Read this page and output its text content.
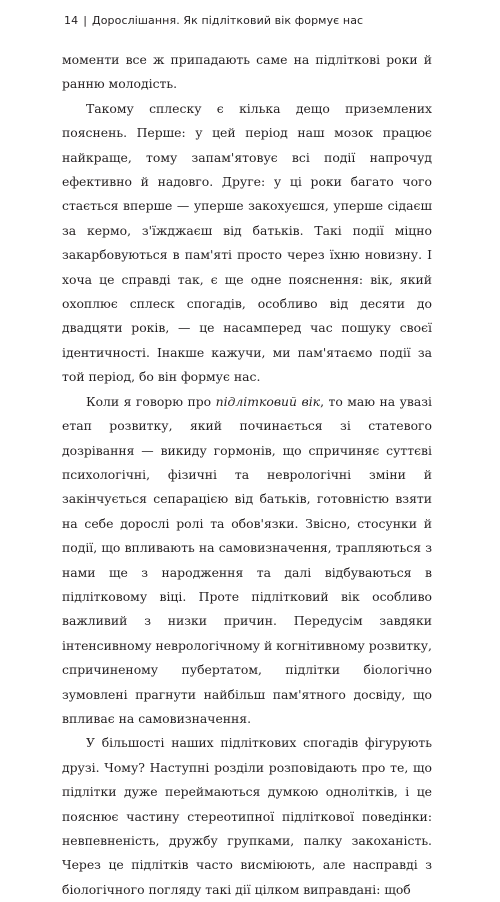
14 | Дорослішання. Як підлітковий вік формує нас

моменти все ж припадають саме на підліткові роки й ранню молодість.

Такому сплеску є кілька дещо приземлених пояснень. Перше: у цей період наш мозок працює найкраще, тому запам'ятовує всі події напрочуд ефективно й надовго. Друге: у ці роки багато чого стається вперше — уперше закохуєшся, уперше сідаєш за кермо, з'їжджаєш від батьків. Такі події міцно закарбовуються в пам'яті просто через їхню новизну. І хоча це справді так, є ще одне пояснення: вік, який охоплює сплеск спогадів, особливо від десяти до двадцяти років, — це насамперед час пошуку своєї ідентичності. Інакше кажучи, ми пам'ятаємо події за той період, бо він формує нас.

Коли я говорю про підлітковий вік, то маю на увазі етап розвитку, який починається зі статевого дозрівання — викиду гормонів, що спричиняє суттєві психологічні, фізичні та неврологічні зміни й закінчується сепарацією від батьків, готовністю взяти на себе дорослі ролі та обов'язки. Звісно, стосунки й події, що впливають на самовизначення, трапляються з нами ще з народження та далі відбуваються в підлітковому віці. Проте підлітковий вік особливо важливий з низки причин. Передусім завдяки інтенсивному неврологічному й когнітивному розвитку, спричиненому пубертатом, підлітки біологічно зумовлені прагнути найбільш пам'ятного досвіду, що впливає на самовизначення.

У більшості наших підліткових спогадів фігурують друзі. Чому? Наступні розділи розповідають про те, що підлітки дуже переймаються думкою однолітків, і це пояснює частину стереотипної підліткової поведінки: невпевненість, дружбу групками, палку закоханість. Через це підлітків часто висміюють, але насправді з біологічного погляду такі дії цілком виправдані: щоб
